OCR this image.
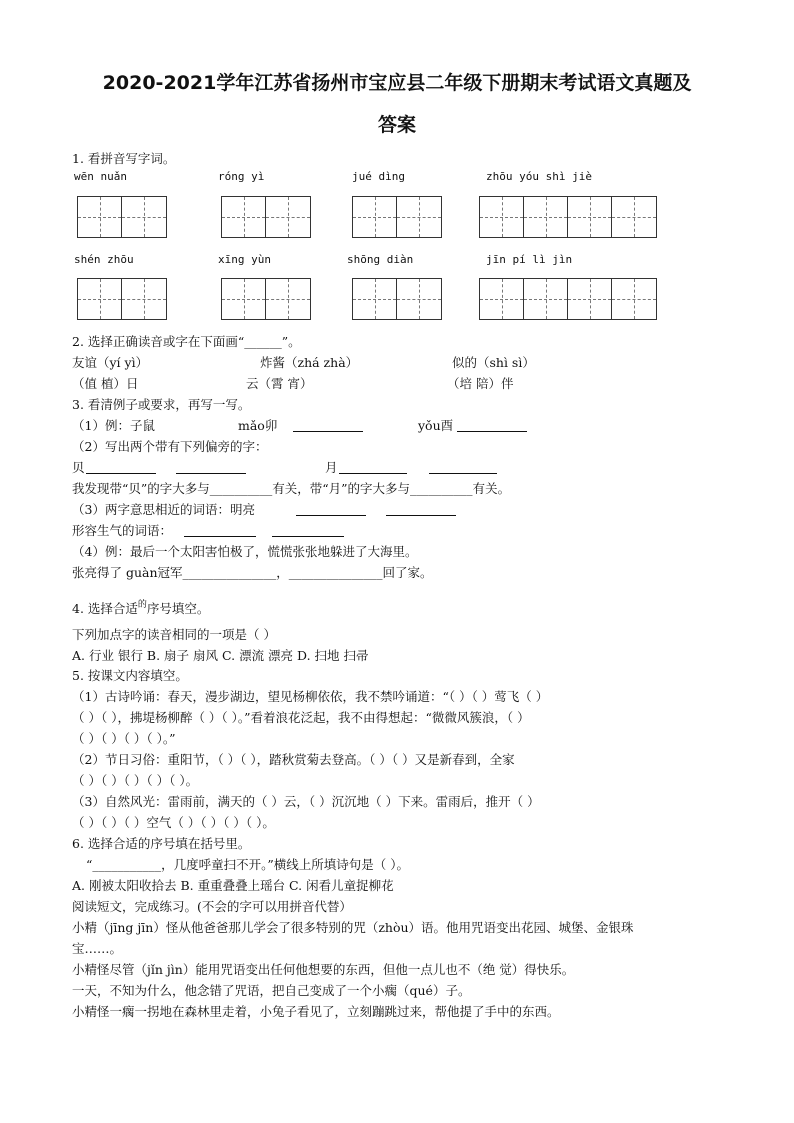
2020-2021学年江苏省扬州市宝应县二年级下册期末考试语文真题及
答案
1. 看拼音写字词。
wēn nuǎn	róng yì	jué dìng	zhōu yóu shì jiè
shén zhōu	xīng yùn	shōng diàn	jīn pí lì jìn
2. 选择正确读音或字在下面画“______”。
友谊（yí yì）	炸酱（zhá zhà）	似的（shì sì）
（值 植）日	云（霄 宵）	（培 陪）伴
3. 看清例子或要求，再写一写。
（1）例：子鼠	mǎo卯	yǒu酉
（2）写出两个带有下列偏旁的字：
贝	月
我发现带“贝”的字大多与__________有关，带“月”的字大多与__________有关。
（3）两字意思相近的词语：明亮
形容生气的词语：
（4）例：最后一个太阳害怕极了，慌慌张张地躲进了大海里。
张亮得了 guàn冠军_______________，_______________回了家。
4. 选择合适$^的$序号填空。
下列加点字的读音相同的一项是（ ）
A. 行业 银行 B. 扇子 扇风 C. 漂流 漂亮 D. 扫地 扫帚
5. 按课文内容填空。
（1）古诗吟诵：春天，漫步湖边，望见杨柳依依，我不禁吟诵道：“（ ）（ ）莺飞（ ）
（ ）（ ），拂堤杨柳醉（ ）（ ）。”看着浪花泛起，我不由得想起：“微微风簇浪，（ ）
（ ）（ ）（ ）（ ）。”
（2）节日习俗：重阳节，（ ）（ ），踏秋赏菊去登高。（ ）（ ）又是新春到，全家
（ ）（ ）（ ）（ ）（ ）。
（3）自然风光：雷雨前，满天的（ ）云，（ ）沉沉地（ ）下来。雷雨后，推开（ ）
（ ）（ ）（ ）空气（ ）（ ）（ ）（ ）。
6. 选择合适的序号填在括号里。
“___________，几度呼童扫不开。”横线上所填诗句是（ ）。
A. 刚被太阳收拾去 B. 重重叠叠上瑶台 C. 闲看儿童捉柳花
阅读短文，完成练习。(不会的字可以用拼音代替）
小精（jīng jīn）怪从他爸爸那儿学会了很多特别的咒（zhòu）语。他用咒语变出花园、城堡、金银珠
宝……。
小精怪尽管（jǐn jìn）能用咒语变出任何他想要的东西，但他一点儿也不（绝 觉）得快乐。
一天，不知为什么，他念错了咒语，把自己变成了一个小瘸（qué）子。
小精怪一瘸一拐地在森林里走着，小兔子看见了，立刻蹦跳过来，帮他提了手中的东西。
